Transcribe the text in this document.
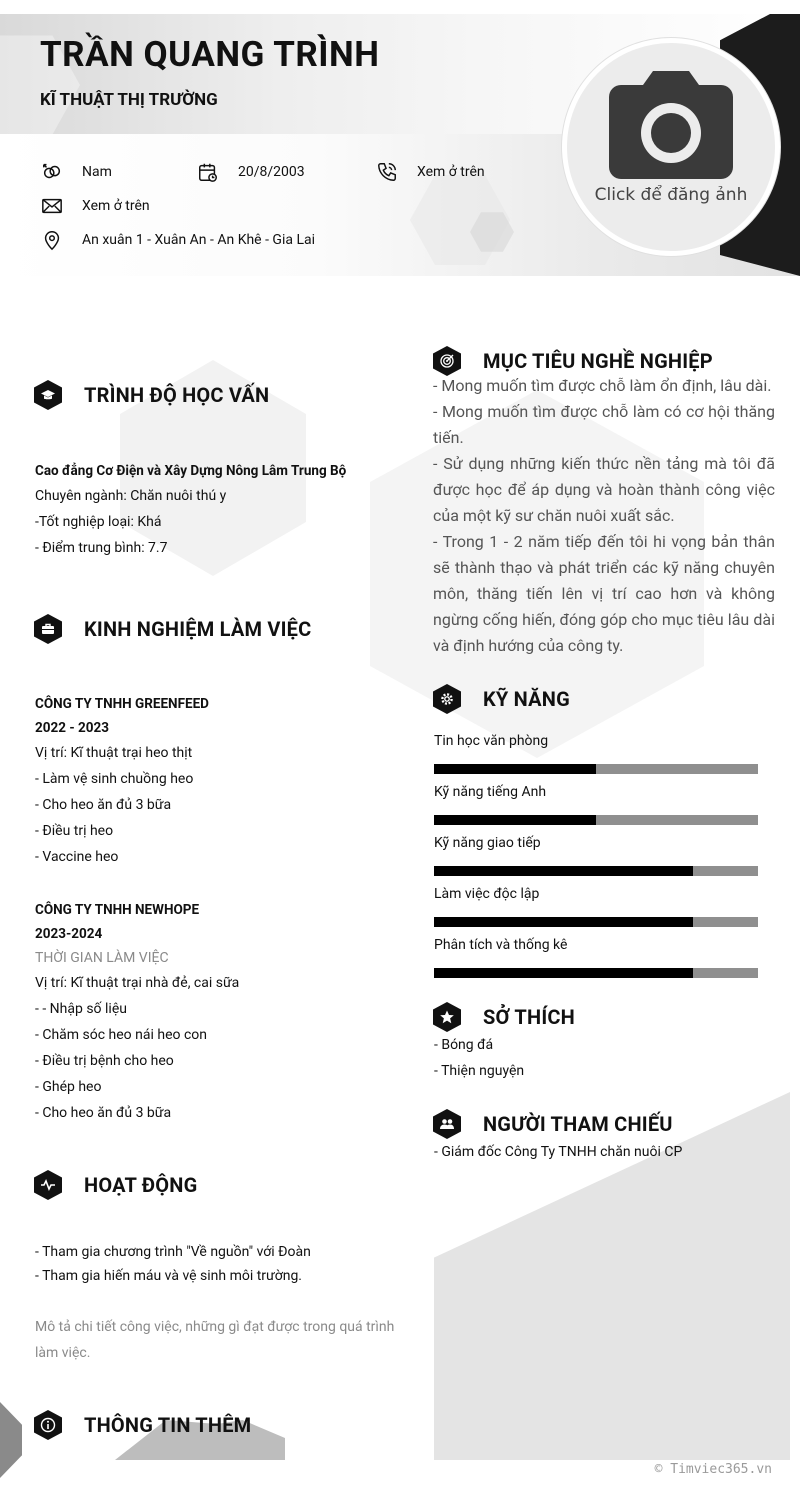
TRẦN QUANG TRÌNH
KĨ THUẬT THỊ TRƯỜNG
Nam	20/8/2003	Xem ở trên
Xem ở trên
An xuân 1 - Xuân An - An Khê - Gia Lai
Click để đăng ảnh
TRÌNH ĐỘ HỌC VẤN
Cao đẳng Cơ Điện và Xây Dựng Nông Lâm Trung Bộ
Chuyên ngành: Chăn nuôi thú y
-Tốt nghiệp loại: Khá
- Điểm trung bình: 7.7
KINH NGHIỆM LÀM VIỆC
CÔNG TY TNHH GREENFEED
2022 - 2023
Vị trí: Kĩ thuật trại heo thịt
- Làm vệ sinh chuồng heo
- Cho heo ăn đủ 3 bữa
- Điều trị heo
- Vaccine heo
CÔNG TY TNHH NEWHOPE
2023-2024
THỜI GIAN LÀM VIỆC
Vị trí: Kĩ thuật trại nhà đẻ, cai sữa
- - Nhập số liệu
- Chăm sóc heo nái heo con
- Điều trị bệnh cho heo
- Ghép heo
- Cho heo ăn đủ 3 bữa
HOẠT ĐỘNG
- Tham gia chương trình "Về nguồn" với Đoàn
- Tham gia hiến máu và vệ sinh môi trường.
Mô tả chi tiết công việc, những gì đạt được trong quá trình
làm việc.
THÔNG TIN THÊM
MỤC TIÊU NGHỀ NGHIỆP

- Mong muốn tìm được chỗ làm ổn định, lâu dài.

- Mong muốn tìm được chỗ làm có cơ hội thăng tiến.

- Sử dụng những kiến thức nền tảng mà tôi đã được học để áp dụng và hoàn thành công việc của một kỹ sư chăn nuôi xuất sắc.

- Trong 1 - 2 năm tiếp đến tôi hi vọng bản thân sẽ thành thạo và phát triển các kỹ năng chuyên môn, thăng tiến lên vị trí cao hơn và không ngừng cống hiến, đóng góp cho mục tiêu lâu dài và định hướng của công ty.

KỸ NĂNG
Tin học văn phòng
Kỹ năng tiếng Anh
Kỹ năng giao tiếp
Làm việc độc lập
Phân tích và thống kê
SỞ THÍCH
- Bóng đá
- Thiện nguyện
NGƯỜI THAM CHIẾU
- Giám đốc Công Ty TNHH chăn nuôi CP
© Timviec365.vn
